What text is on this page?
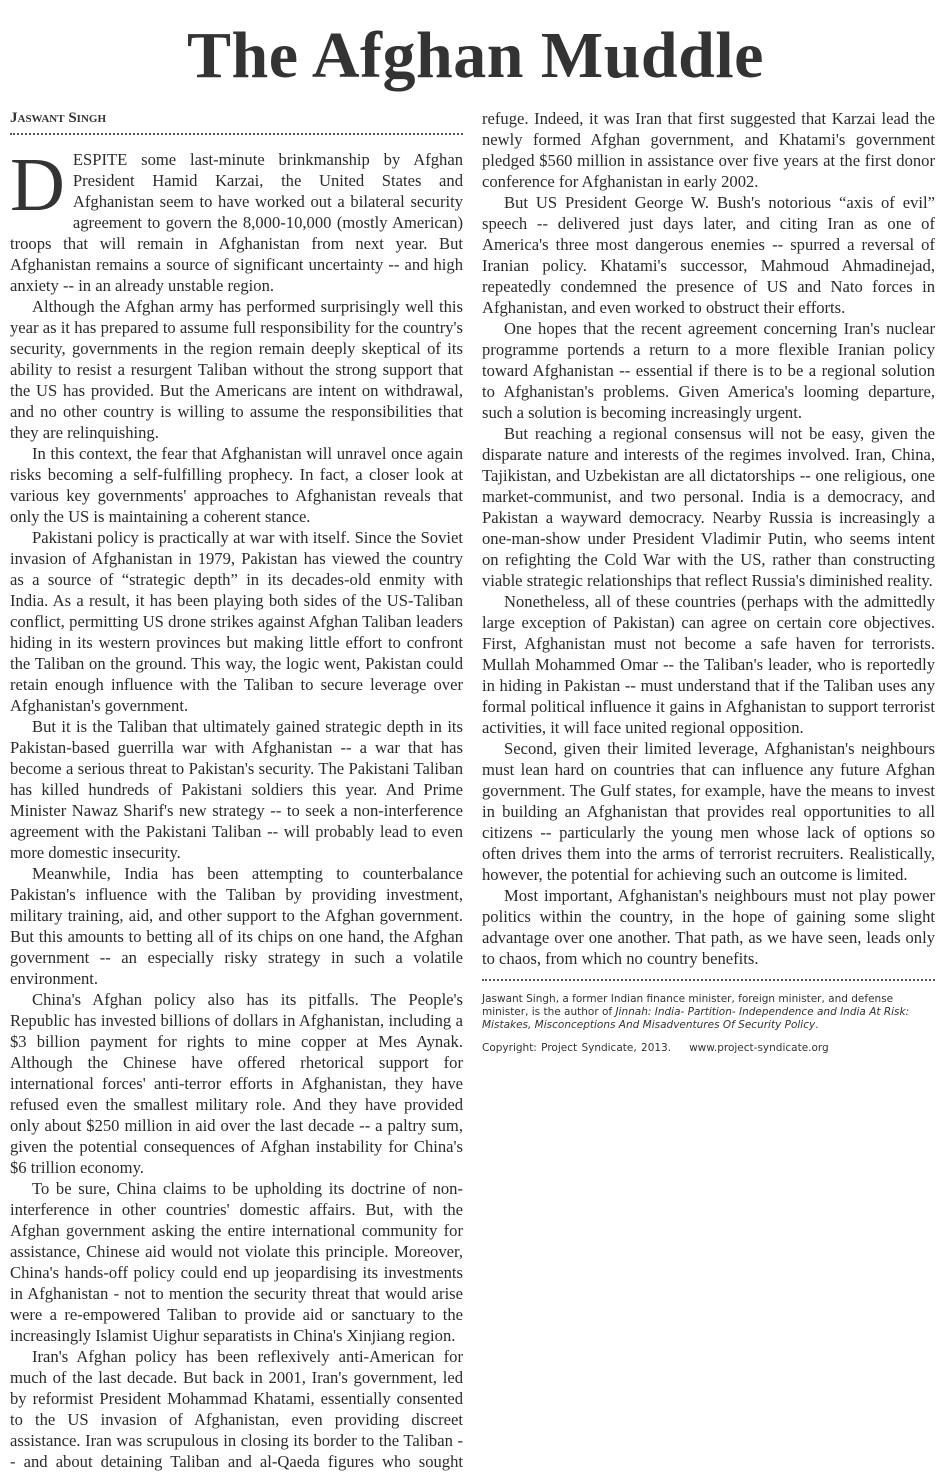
The Afghan Muddle
Jaswant Singh

DESPITE some last-minute brinkmanship by Afghan President Hamid Karzai, the United States and Afghanistan seem to have worked out a bilateral security agreement to govern the 8,000-10,000 (mostly American) troops that will remain in Afghanistan from next year. But Afghanistan remains a source of significant uncertainty -- and high anxiety -- in an already unstable region.

Although the Afghan army has performed surprisingly well this year as it has prepared to assume full responsibility for the country's security, governments in the region remain deeply skeptical of its ability to resist a resurgent Taliban without the strong support that the US has provided. But the Americans are intent on withdrawal, and no other country is willing to assume the responsibilities that they are relinquishing.

In this context, the fear that Afghanistan will unravel once again risks becoming a self-fulfilling prophecy. In fact, a closer look at various key governments' approaches to Afghanistan reveals that only the US is maintaining a coherent stance.

Pakistani policy is practically at war with itself. Since the Soviet invasion of Afghanistan in 1979, Pakistan has viewed the country as a source of “strategic depth” in its decades-old enmity with India. As a result, it has been playing both sides of the US-Taliban conflict, permitting US drone strikes against Afghan Taliban leaders hiding in its western provinces but making little effort to confront the Taliban on the ground. This way, the logic went, Pakistan could retain enough influence with the Taliban to secure leverage over Afghanistan's government.

But it is the Taliban that ultimately gained strategic depth in its Pakistan-based guerrilla war with Afghanistan -- a war that has become a serious threat to Pakistan's security. The Pakistani Taliban has killed hundreds of Pakistani soldiers this year. And Prime Minister Nawaz Sharif's new strategy -- to seek a non-interference agreement with the Pakistani Taliban -- will probably lead to even more domestic insecurity.

Meanwhile, India has been attempting to counterbalance Pakistan's influence with the Taliban by providing investment, military training, aid, and other support to the Afghan government. But this amounts to betting all of its chips on one hand, the Afghan government -- an especially risky strategy in such a volatile environment.

China's Afghan policy also has its pitfalls. The People's Republic has invested billions of dollars in Afghanistan, including a $3 billion payment for rights to mine copper at Mes Aynak. Although the Chinese have offered rhetorical support for international forces' anti-terror efforts in Afghanistan, they have refused even the smallest military role. And they have provided only about $250 million in aid over the last decade -- a paltry sum, given the potential consequences of Afghan instability for China's $6 trillion economy.

To be sure, China claims to be upholding its doctrine of non-interference in other countries' domestic affairs. But, with the Afghan government asking the entire international community for assistance, Chinese aid would not violate this principle. Moreover, China's hands-off policy could end up jeopardising its investments in Afghanistan - not to mention the security threat that would arise were a re-empowered Taliban to provide aid or sanctuary to the increasingly Islamist Uighur separatists in China's Xinjiang region.

Iran's Afghan policy has been reflexively anti-American for much of the last decade. But back in 2001, Iran's government, led by reformist President Mohammad Khatami, essentially consented to the US invasion of Afghanistan, even providing discreet assistance. Iran was scrupulous in closing its border to the Taliban -- and about detaining Taliban and al-Qaeda figures who sought refuge. Indeed, it was Iran that first suggested that Karzai lead the newly formed Afghan government, and Khatami's government pledged $560 million in assistance over five years at the first donor conference for Afghanistan in early 2002.

But US President George W. Bush's notorious “axis of evil” speech -- delivered just days later, and citing Iran as one of America's three most dangerous enemies -- spurred a reversal of Iranian policy. Khatami's successor, Mahmoud Ahmadinejad, repeatedly condemned the presence of US and Nato forces in Afghanistan, and even worked to obstruct their efforts.

One hopes that the recent agreement concerning Iran's nuclear programme portends a return to a more flexible Iranian policy toward Afghanistan -- essential if there is to be a regional solution to Afghanistan's problems. Given America's looming departure, such a solution is becoming increasingly urgent.

But reaching a regional consensus will not be easy, given the disparate nature and interests of the regimes involved. Iran, China, Tajikistan, and Uzbekistan are all dictatorships -- one religious, one market-communist, and two personal. India is a democracy, and Pakistan a wayward democracy. Nearby Russia is increasingly a one-man-show under President Vladimir Putin, who seems intent on refighting the Cold War with the US, rather than constructing viable strategic relationships that reflect Russia's diminished reality.

Nonetheless, all of these countries (perhaps with the admittedly large exception of Pakistan) can agree on certain core objectives. First, Afghanistan must not become a safe haven for terrorists. Mullah Mohammed Omar -- the Taliban's leader, who is reportedly in hiding in Pakistan -- must understand that if the Taliban uses any formal political influence it gains in Afghanistan to support terrorist activities, it will face united regional opposition.

Second, given their limited leverage, Afghanistan's neighbours must lean hard on countries that can influence any future Afghan government. The Gulf states, for example, have the means to invest in building an Afghanistan that provides real opportunities to all citizens -- particularly the young men whose lack of options so often drives them into the arms of terrorist recruiters. Realistically, however, the potential for achieving such an outcome is limited.

Most important, Afghanistan's neighbours must not play power politics within the country, in the hope of gaining some slight advantage over one another. That path, as we have seen, leads only to chaos, from which no country benefits.

Jaswant Singh, a former Indian finance minister, foreign minister, and defense minister, is the author of Jinnah: India- Partition- Independence and India At Risk: Mistakes, Misconceptions And Misadventures Of Security Policy.

Copyright: Project Syndicate, 2013. www.project-syndicate.org
